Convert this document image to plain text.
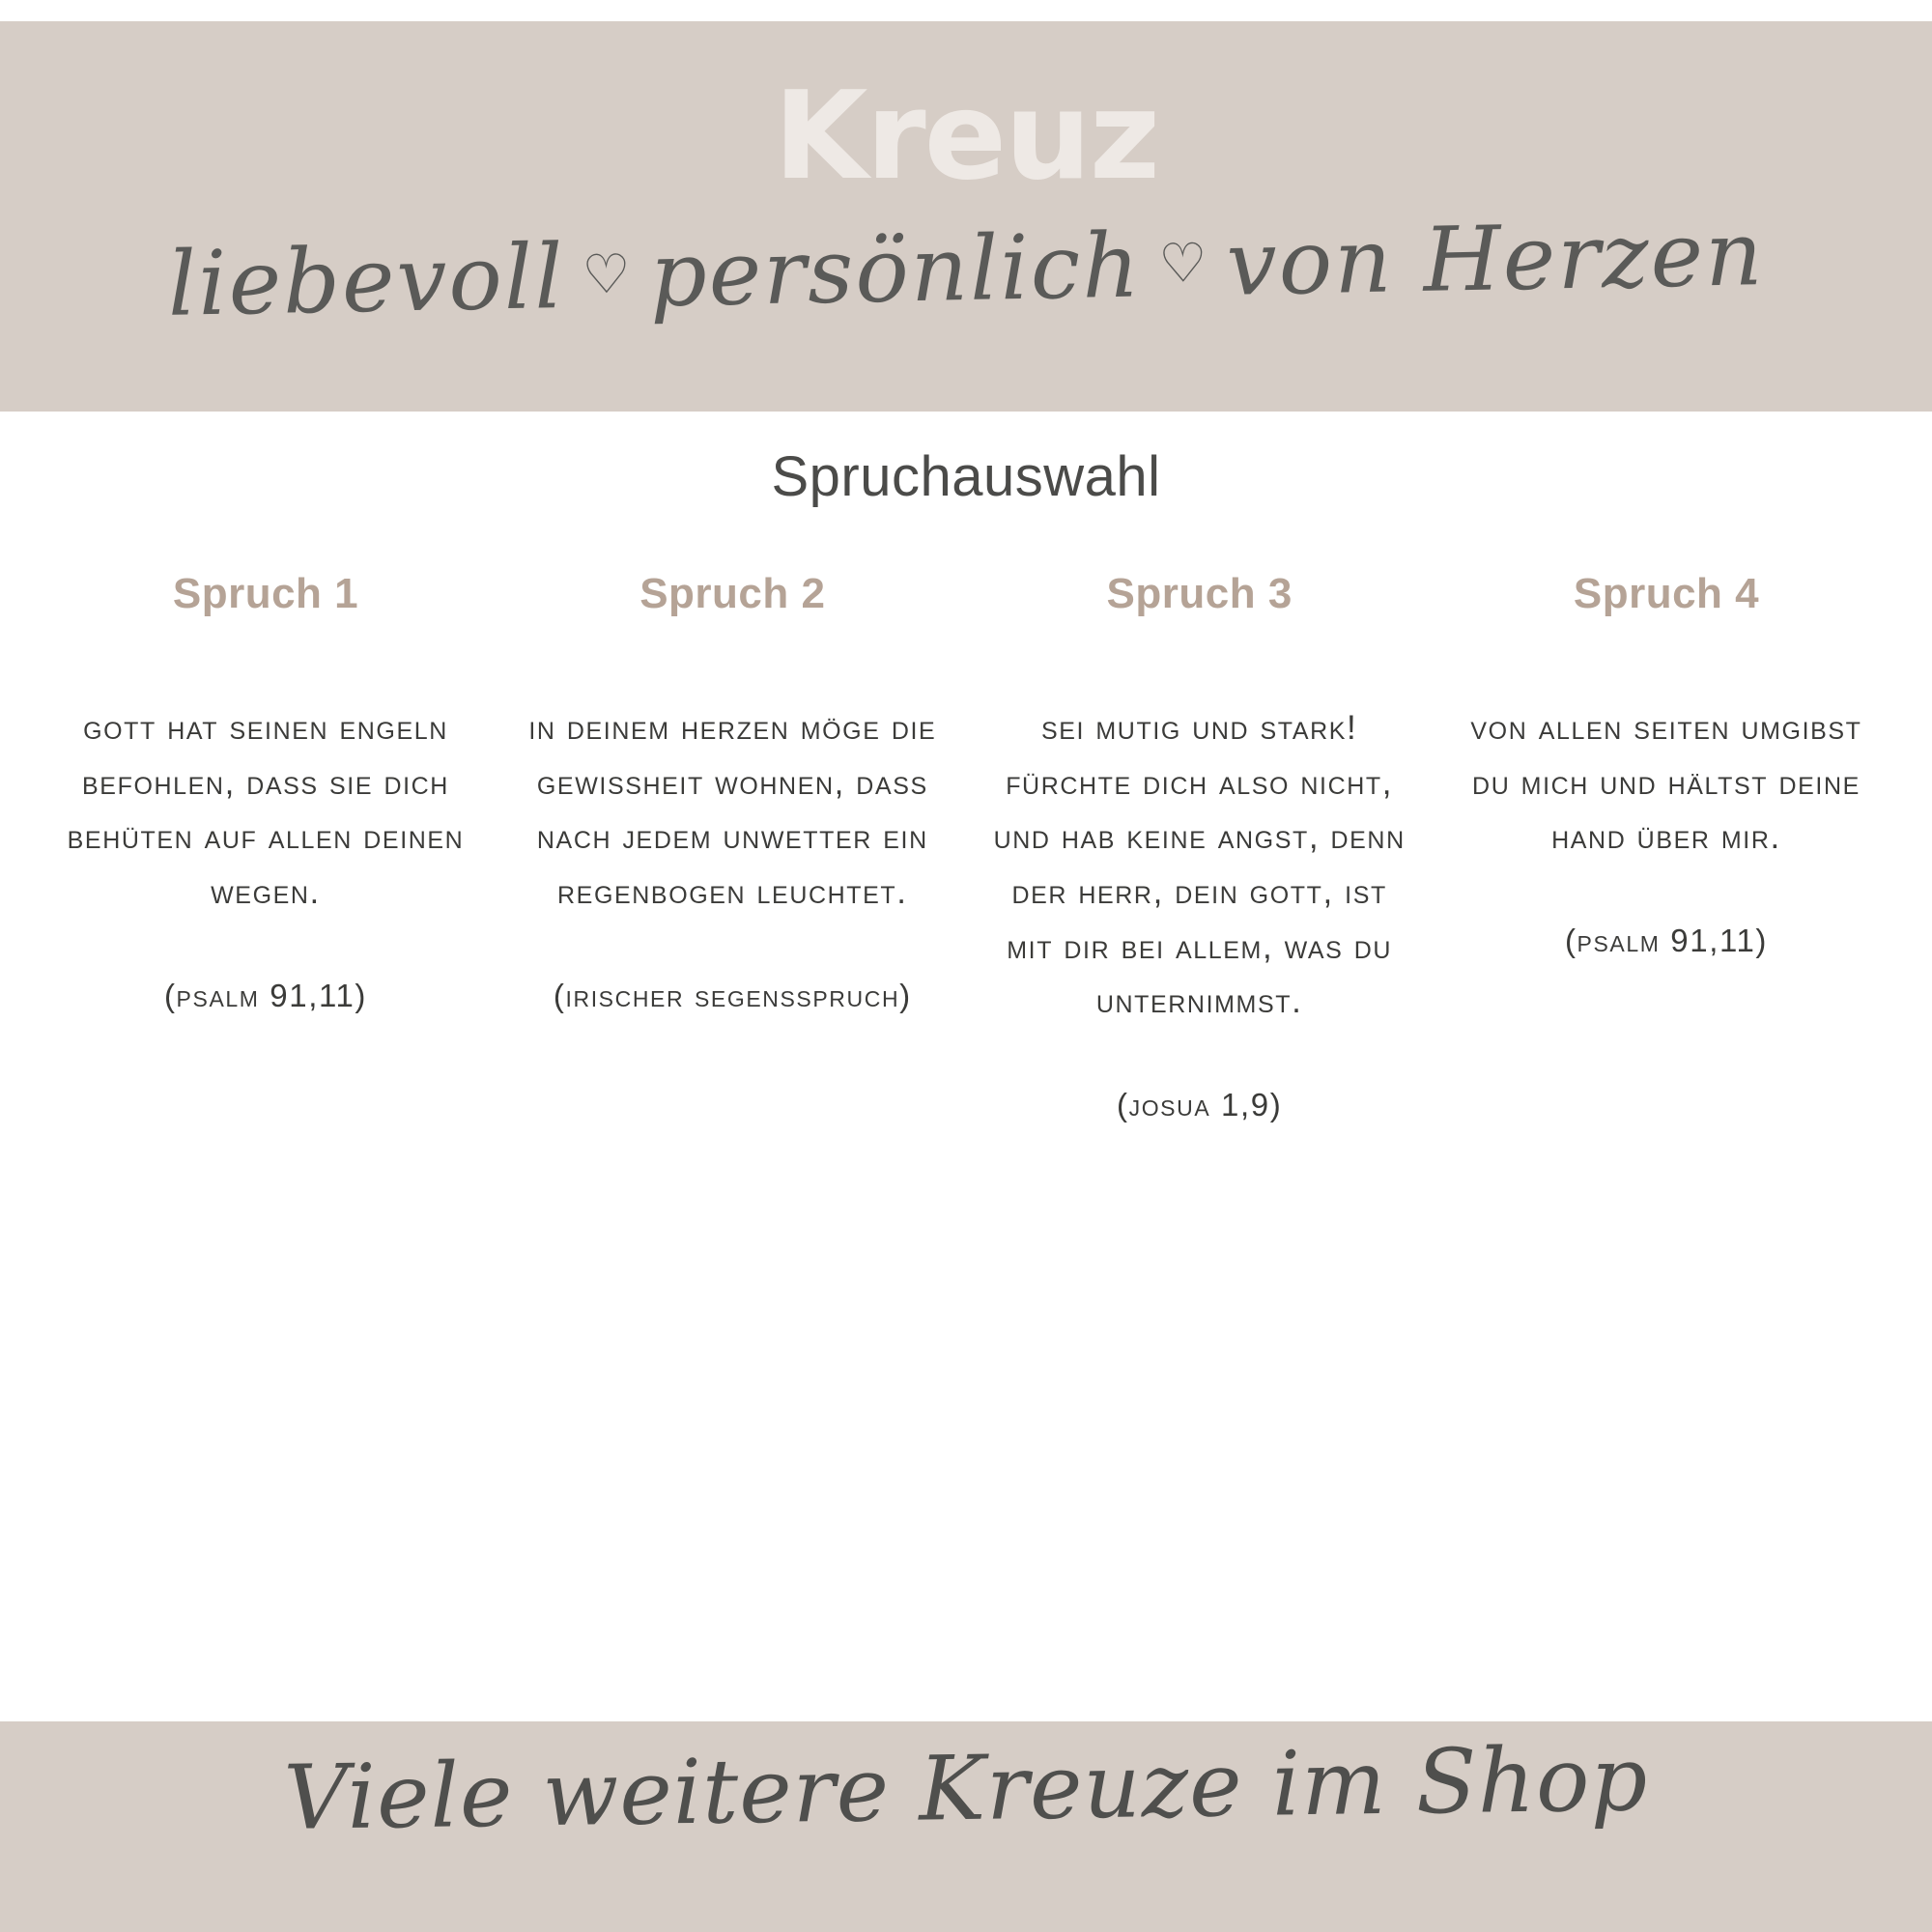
Kreuz
liebevoll ♡ persönlich ♡ von Herzen
Spruchauswahl
Spruch 1
gott hat seinen engeln befohlen, dass sie dich behüten auf allen deinen wegen.
(psalm 91,11)
Spruch 2
in deinem herzen möge die gewissheit wohnen, dass nach jedem unwetter ein regenbogen leuchtet.
(irischer segensspruch)
Spruch 3
sei mutig und stark! fürchte dich also nicht, und hab keine angst, denn der herr, dein gott, ist mit dir bei allem, was du unternimmst.
(josua 1,9)
Spruch 4
von allen seiten umgibst du mich und hältst deine hand über mir.
(psalm 91,11)
Viele weitere Kreuze im Shop
